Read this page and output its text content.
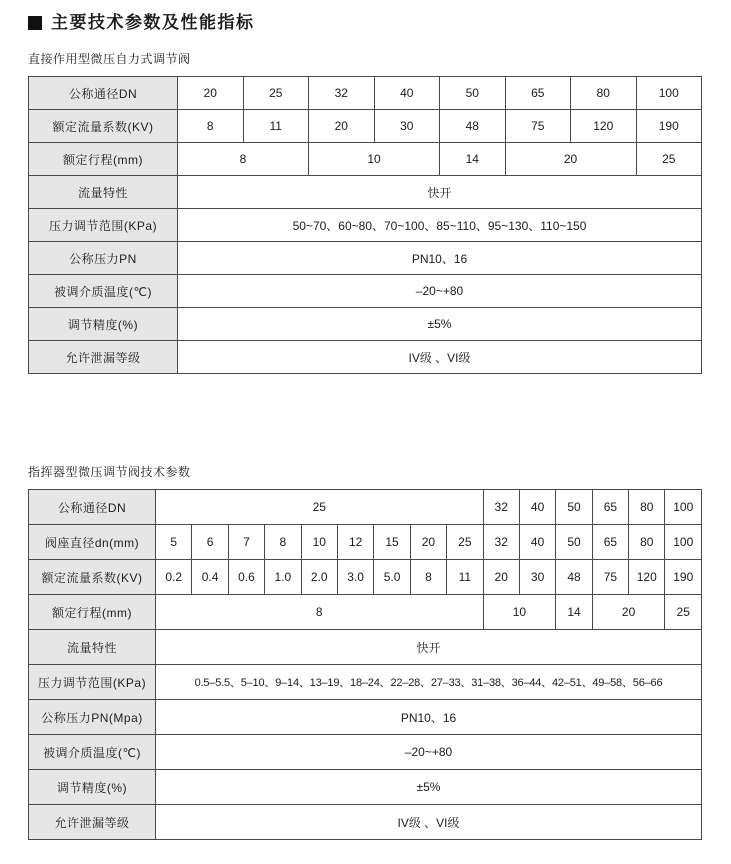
主要技术参数及性能指标
直接作用型微压自力式调节阀
公称通径DN	20	25	32	40	50	65	80	100
额定流量系数(KV)	8	11	20	30	48	75	120	190
额定行程(mm)	8		10		14	20		25
流量特性	快开							
压力调节范围(KPa)	50~70、60~80、70~100、85~110、95~130、110~150							
公称压力PN	PN10、16							
被调介质温度(℃)	–20~+80							
调节精度(%)	±5%							
允许泄漏等级	IV级 、VI级							
指挥器型微压调节阀技术参数
公称通径DN	25									32	40	50	65	80	100
阀座直径dn(mm)	5	6	7	8	10	12	15	20	25	32	40	50	65	80	100
额定流量系数(KV)	0.2	0.4	0.6	1.0	2.0	3.0	5.0	8	11	20	30	48	75	120	190
额定行程(mm)	8									10		14	20		25
流量特性	快开														
压力调节范围(KPa)	0.5–5.5、5–10、9–14、13–19、18–24、22–28、27–33、31–38、36–44、42–51、49–58、56–66														
公称压力PN(Mpa)	PN10、16														
被调介质温度(℃)	–20~+80														
调节精度(%)	±5%														
允许泄漏等级	IV级 、VI级														
